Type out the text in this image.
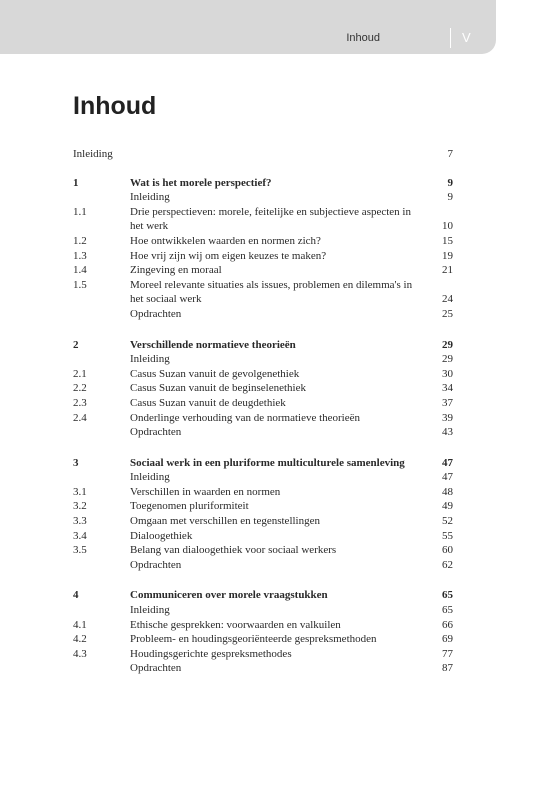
Inhoud	V
Inhoud
Inleiding	7
1	Wat is het morele perspectief?	9
Inleiding	9
1.1	Drie perspectieven: morele, feitelijke en subjectieve aspecten in het werk	10
1.2	Hoe ontwikkelen waarden en normen zich?	15
1.3	Hoe vrij zijn wij om eigen keuzes te maken?	19
1.4	Zingeving en moraal	21
1.5	Moreel relevante situaties als issues, problemen en dilemma's in het sociaal werk	24
Opdrachten	25
2	Verschillende normatieve theorieën	29
Inleiding	29
2.1	Casus Suzan vanuit de gevolgenethiek	30
2.2	Casus Suzan vanuit de beginselenethiek	34
2.3	Casus Suzan vanuit de deugdethiek	37
2.4	Onderlinge verhouding van de normatieve theorieën	39
Opdrachten	43
3	Sociaal werk in een pluriforme multiculturele samenleving	47
Inleiding	47
3.1	Verschillen in waarden en normen	48
3.2	Toegenomen pluriformiteit	49
3.3	Omgaan met verschillen en tegenstellingen	52
3.4	Dialoogethiek	55
3.5	Belang van dialoogethiek voor sociaal werkers	60
Opdrachten	62
4	Communiceren over morele vraagstukken	65
Inleiding	65
4.1	Ethische gesprekken: voorwaarden en valkuilen	66
4.2	Probleem- en houdingsgeoriënteerde gespreksmethoden	69
4.3	Houdingsgerichte gespreksmethodes	77
Opdrachten	87
